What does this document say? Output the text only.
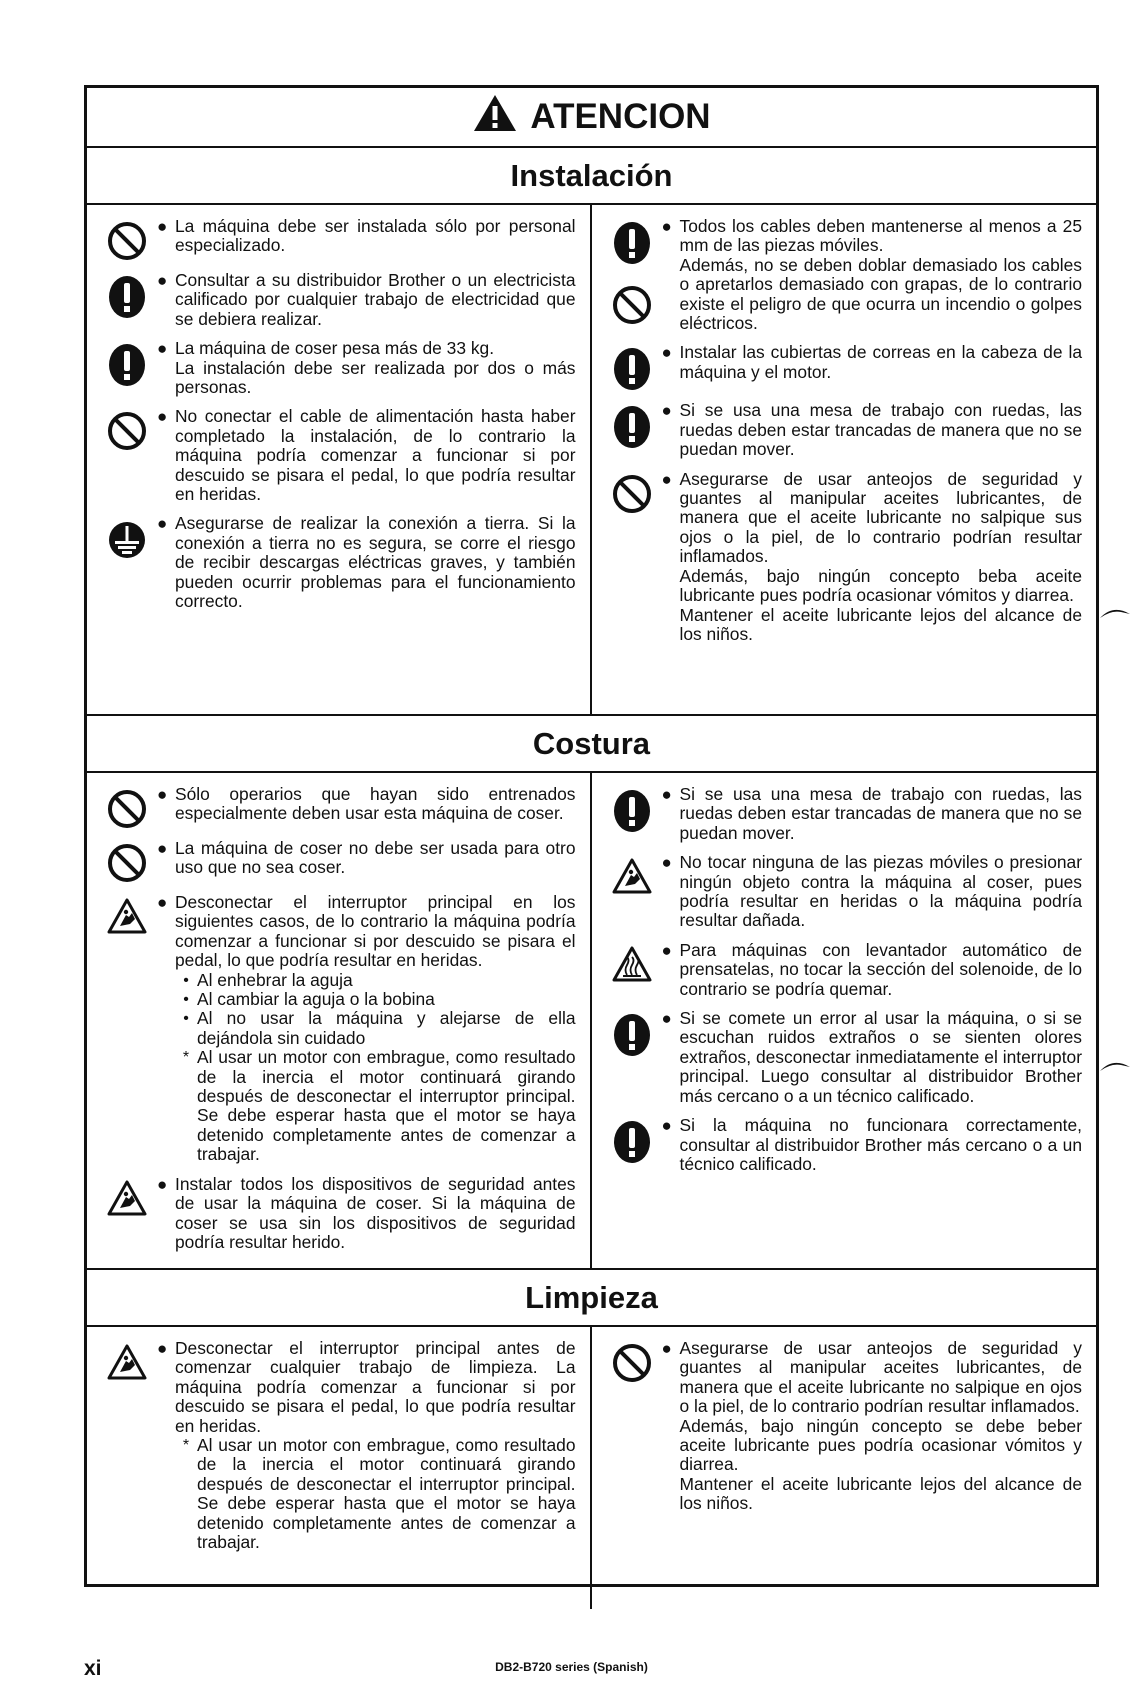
ATENCION
Instalación
● La máquina debe ser instalada sólo por personal especializado.
● Consultar a su distribuidor Brother o un electricista calificado por cualquier trabajo de electricidad que se debiera realizar.
● La máquina de coser pesa más de 33 kg.
La instalación debe ser realizada por dos o más personas.
● No conectar el cable de alimentación hasta haber completado la instalación, de lo contrario la máquina podría comenzar a funcionar si por descuido se pisara el pedal, lo que podría resultar en heridas.
● Asegurarse de realizar la conexión a tierra. Si la conexión a tierra no es segura, se corre el riesgo de recibir descargas eléctricas graves, y también pueden ocurrir problemas para el funcionamiento correcto.
● Todos los cables deben mantenerse al menos a 25 mm de las piezas móviles.
Además, no se deben doblar demasiado los cables o apretarlos demasiado con grapas, de lo contrario existe el peligro de que ocurra un incendio o golpes eléctricos.
● Instalar las cubiertas de correas en la cabeza de la máquina y el motor.
● Si se usa una mesa de trabajo con ruedas, las ruedas deben estar trancadas de manera que no se puedan mover.
● Asegurarse de usar anteojos de seguridad y guantes al manipular aceites lubricantes, de manera que el aceite lubricante no salpique sus ojos o la piel, de lo contrario podrían resultar inflamados.
Además, bajo ningún concepto beba aceite lubricante pues podría ocasionar vómitos y diarrea.
Mantener el aceite lubricante lejos del alcance de los niños.
Costura
● Sólo operarios que hayan sido entrenados especialmente deben usar esta máquina de coser.
● La máquina de coser no debe ser usada para otro uso que no sea coser.
● Desconectar el interruptor principal en los siguientes casos, de lo contrario la máquina podría comenzar a funcionar si por descuido se pisara el pedal, lo que podría resultar en heridas.
• Al enhebrar la aguja
• Al cambiar la aguja o la bobina
• Al no usar la máquina y alejarse de ella dejándola sin cuidado
* Al usar un motor con embrague, como resultado de la inercia el motor continuará girando después de desconectar el interruptor principal. Se debe esperar hasta que el motor se haya detenido completamente antes de comenzar a trabajar.
● Instalar todos los dispositivos de seguridad antes de usar la máquina de coser. Si la máquina de coser se usa sin los dispositivos de seguridad podría resultar herido.
● Si se usa una mesa de trabajo con ruedas, las ruedas deben estar trancadas de manera que no se puedan mover.
● No tocar ninguna de las piezas móviles o presionar ningún objeto contra la máquina al coser, pues podría resultar en heridas o la máquina podría resultar dañada.
● Para máquinas con levantador automático de prensatelas, no tocar la sección del solenoide, de lo contrario se podría quemar.
● Si se comete un error al usar la máquina, o si se escuchan ruidos extraños o se sienten olores extraños, desconectar inmediatamente el interruptor principal. Luego consultar al distribuidor Brother más cercano o a un técnico calificado.
● Si la máquina no funcionara correctamente, consultar al distribuidor Brother más cercano o a un técnico calificado.
Limpieza
● Desconectar el interruptor principal antes de comenzar cualquier trabajo de limpieza. La máquina podría comenzar a funcionar si por descuido se pisara el pedal, lo que podría resultar en heridas.
* Al usar un motor con embrague, como resultado de la inercia el motor continuará girando después de desconectar el interruptor principal. Se debe esperar hasta que el motor se haya detenido completamente antes de comenzar a trabajar.
● Asegurarse de usar anteojos de seguridad y guantes al manipular aceites lubricantes, de manera que el aceite lubricante no salpique en ojos o la piel, de lo contrario podrían resultar inflamados.
Además, bajo ningún concepto se debe beber aceite lubricante pues podría ocasionar vómitos y diarrea.
Mantener el aceite lubricante lejos del alcance de los niños.
xi	DB2-B720 series (Spanish)
